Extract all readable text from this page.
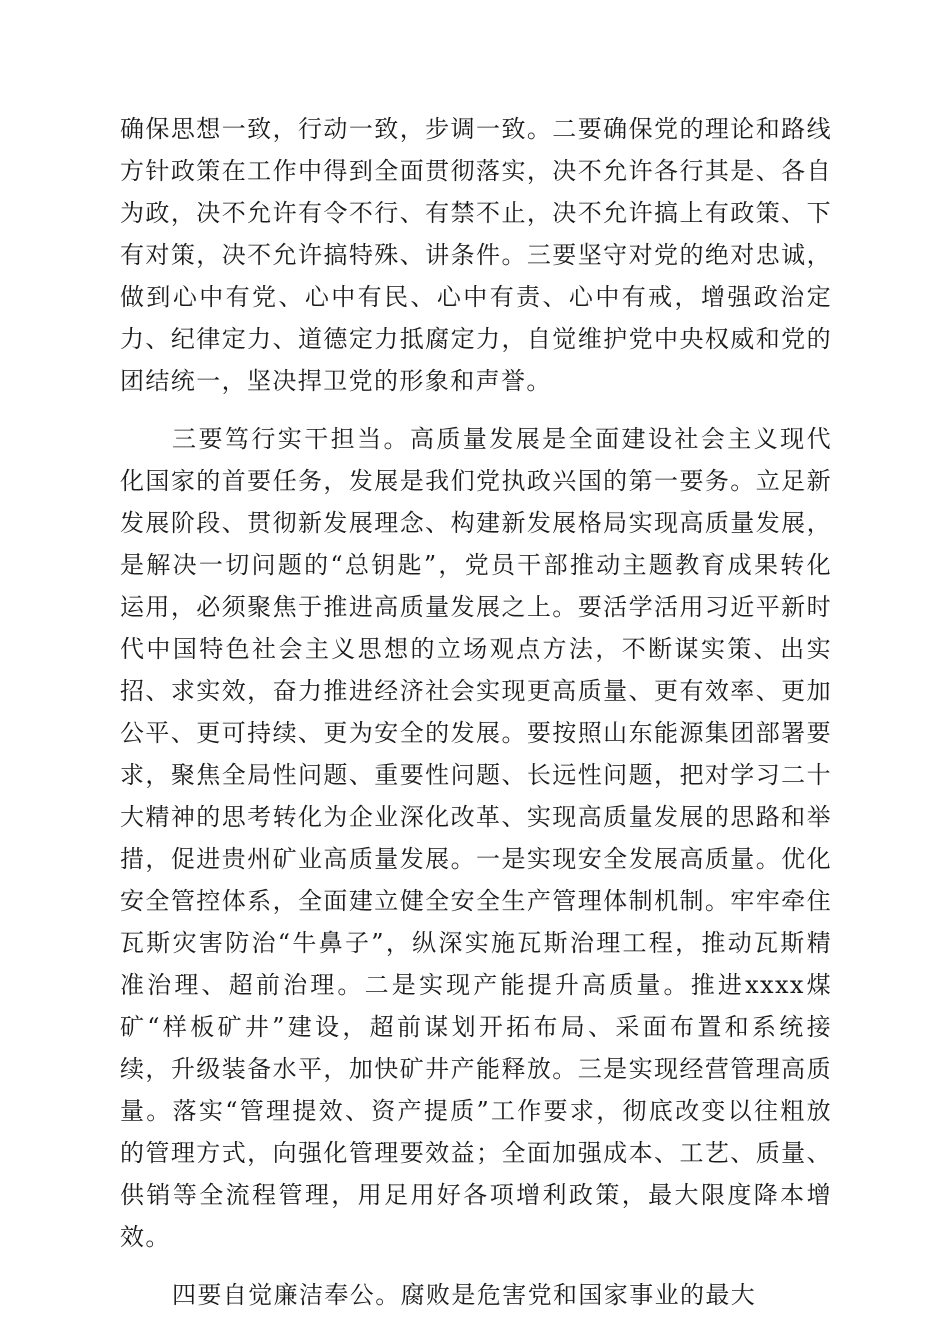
确保思想一致，行动一致，步调一致。二要确保党的理论和路线方针政策在工作中得到全面贯彻落实，决不允许各行其是、各自为政，决不允许有令不行、有禁不止，决不允许搞上有政策、下有对策，决不允许搞特殊、讲条件。三要坚守对党的绝对忠诚，做到心中有党、心中有民、心中有责、心中有戒，增强政治定力、纪律定力、道德定力抵腐定力，自觉维护党中央权威和党的团结统一，坚决捍卫党的形象和声誉。

三要笃行实干担当。高质量发展是全面建设社会主义现代化国家的首要任务，发展是我们党执政兴国的第一要务。立足新发展阶段、贯彻新发展理念、构建新发展格局实现高质量发展，是解决一切问题的“总钥匙”，党员干部推动主题教育成果转化运用，必须聚焦于推进高质量发展之上。要活学活用习近平新时代中国特色社会主义思想的立场观点方法，不断谋实策、出实招、求实效，奋力推进经济社会实现更高质量、更有效率、更加公平、更可持续、更为安全的发展。要按照山东能源集团部署要求，聚焦全局性问题、重要性问题、长远性问题，把对学习二十大精神的思考转化为企业深化改革、实现高质量发展的思路和举措，促进贵州矿业高质量发展。一是实现安全发展高质量。优化安全管控体系，全面建立健全安全生产管理体制机制。牢牢牵住瓦斯灾害防治“牛鼻子”，纵深实施瓦斯治理工程，推动瓦斯精准治理、超前治理。二是实现产能提升高质量。推进xxxx煤矿“样板矿井”建设，超前谋划开拓布局、采面布置和系统接续，升级装备水平，加快矿井产能释放。三是实现经营管理高质量。落实“管理提效、资产提质”工作要求，彻底改变以往粗放的管理方式，向强化管理要效益；全面加强成本、工艺、质量、供销等全流程管理，用足用好各项增利政策，最大限度降本增效。

四要自觉廉洁奉公。腐败是危害党和国家事业的最大
